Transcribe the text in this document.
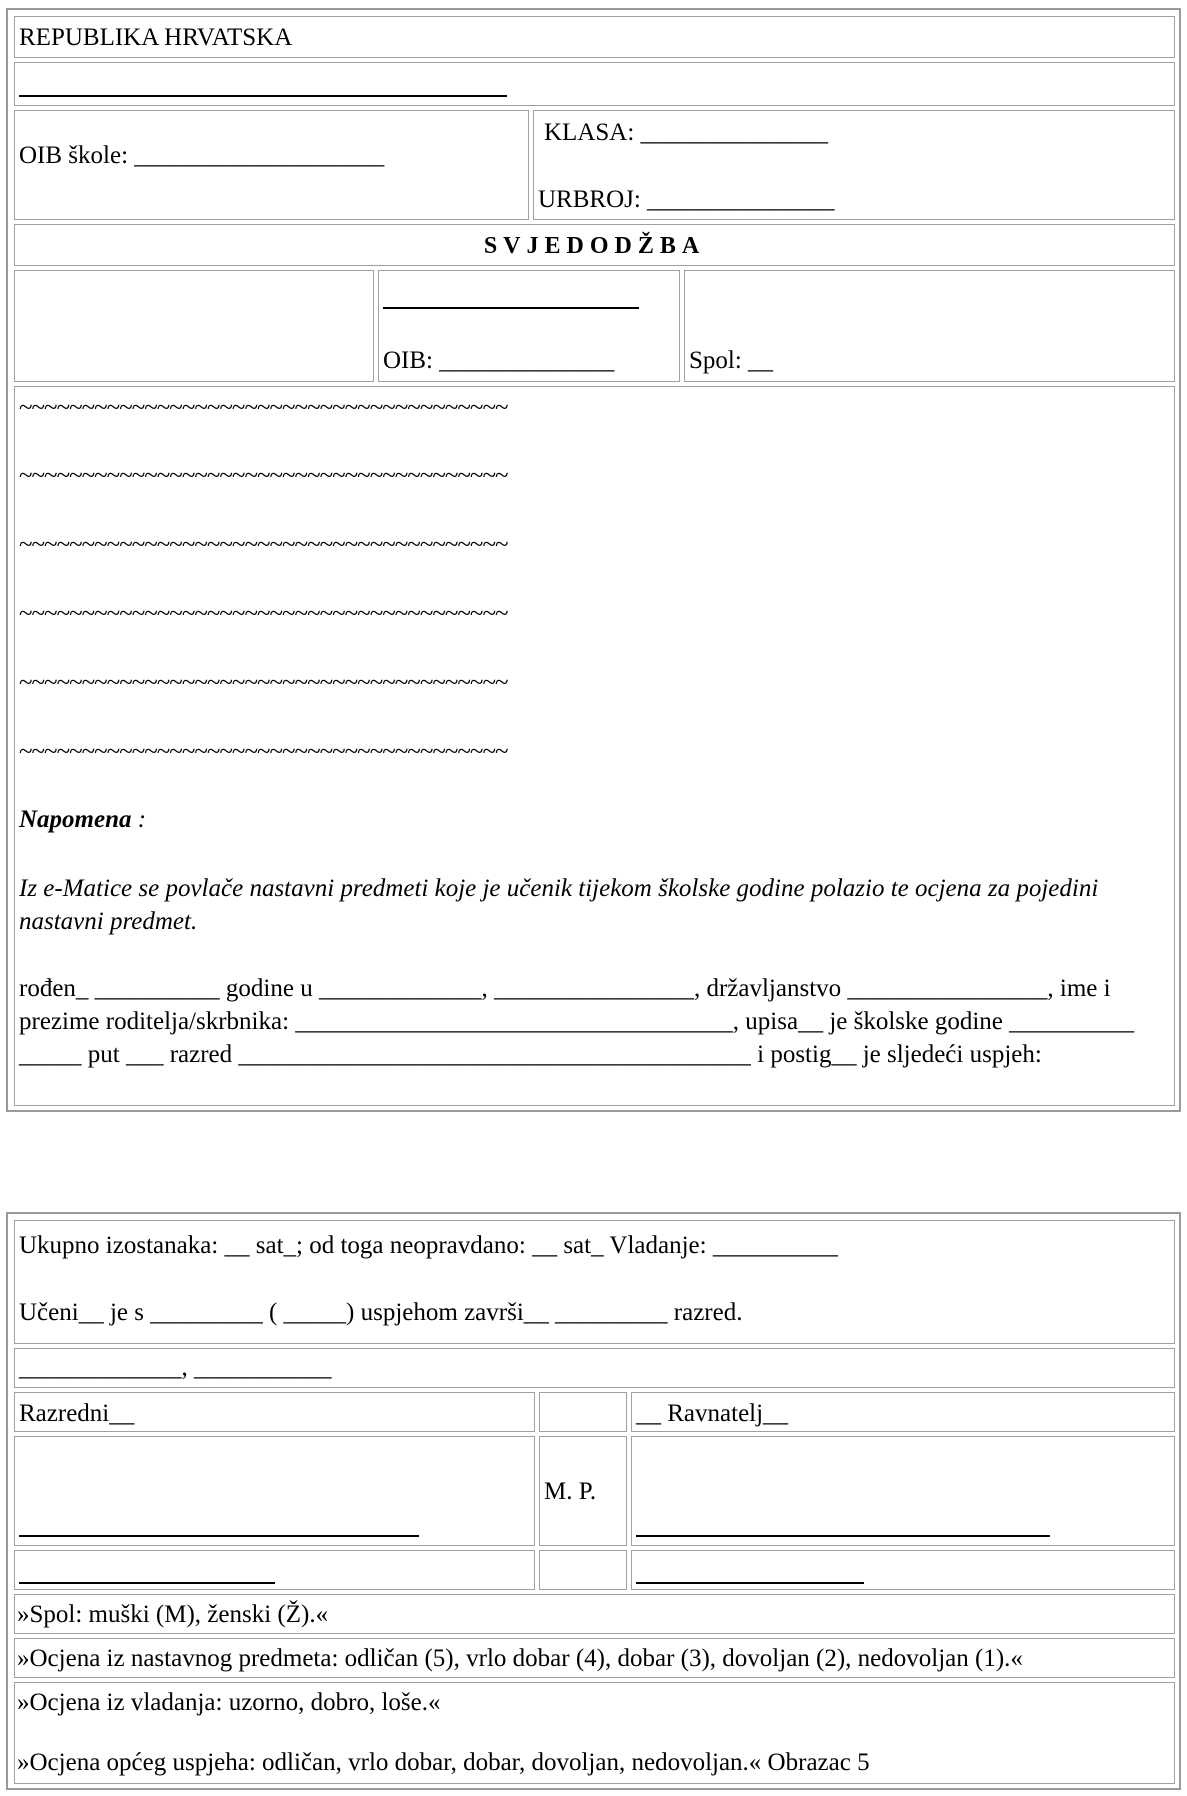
REPUBLIKA HRVATSKA
OIB škole: ____________________
KLASA: _______________
URBROJ: _______________
SVJEDODŽBA
OIB: ______________	Spol: __
~~~~~~~~~~~~~~~~~~~~~~~~~~~~~~~~~~~~~~~
~~~~~~~~~~~~~~~~~~~~~~~~~~~~~~~~~~~~~~~
~~~~~~~~~~~~~~~~~~~~~~~~~~~~~~~~~~~~~~~
~~~~~~~~~~~~~~~~~~~~~~~~~~~~~~~~~~~~~~~
~~~~~~~~~~~~~~~~~~~~~~~~~~~~~~~~~~~~~~~
~~~~~~~~~~~~~~~~~~~~~~~~~~~~~~~~~~~~~~~
Napomena :
Iz e-Matice se povlače nastavni predmeti koje je učenik tijekom školske godine polazio te ocjena za pojedini nastavni predmet.
rođen_ __________ godine u _____________, ________________, državljanstvo ________________, ime i prezime roditelja/skrbnika: ___________________________________, upisa__ je školske godine __________ _____ put ___ razred _________________________________________ i postig__ je sljedeći uspjeh:
Ukupno izostanaka: __ sat_; od toga neopravdano: __ sat_ Vladanje: __________
Učeni__ je s _________ ( _____) uspjehom završi__ _________ razred.
_____________, ___________
Razredni__	__ Ravnatelj__
M. P.
»Spol: muški (M), ženski (Ž).«
»Ocjena iz nastavnog predmeta: odličan (5), vrlo dobar (4), dobar (3), dovoljan (2), nedovoljan (1).«
»Ocjena iz vladanja: uzorno, dobro, loše.«
»Ocjena općeg uspjeha: odličan, vrlo dobar, dobar, dovoljan, nedovoljan.« Obrazac 5
